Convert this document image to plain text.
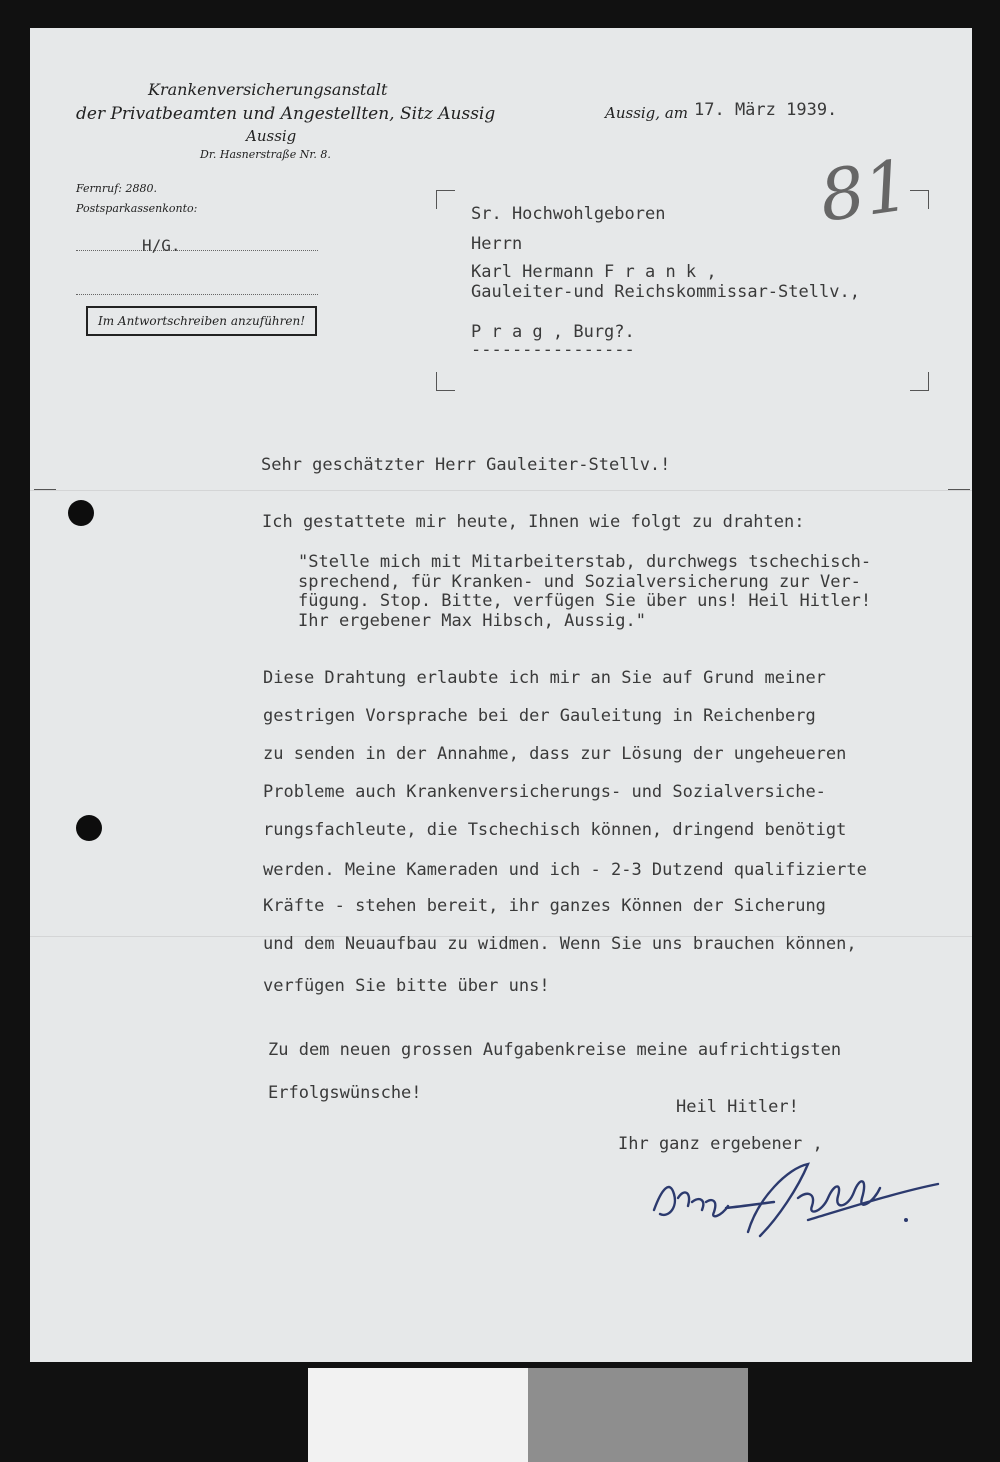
Krankenversicherungsanstalt
der Privatbeamten und Angestellten, Sitz Aussig
Aussig
Dr. Hasnerstraße Nr. 8.
Aussig, am 17. März 1939.
Fernruf: 2880.
Postsparkassenkonto:
H/G.
Im Antwortschreiben anzuführen!
81
Sr. Hochwohlgeboren
Herrn
Karl Hermann F r a n k ,
Gauleiter-und Reichskommissar-Stellv.,
P r a g , Burg?.
----------------
Sehr geschätzter Herr Gauleiter-Stellv.!
Ich gestattete mir heute, Ihnen wie folgt zu drahten:
"Stelle mich mit Mitarbeiterstab, durchwegs tschechisch-
sprechend, für Kranken- und Sozialversicherung zur Ver-
fügung. Stop. Bitte, verfügen Sie über uns! Heil Hitler!
Ihr ergebener Max Hibsch, Aussig."
Diese Drahtung erlaubte ich mir an Sie auf Grund meiner
gestrigen Vorsprache bei der Gauleitung in Reichenberg
zu senden in der Annahme, dass zur Lösung der ungeheueren
Probleme auch Krankenversicherungs- und Sozialversiche-
rungsfachleute, die Tschechisch können, dringend benötigt
werden. Meine Kameraden und ich - 2-3 Dutzend qualifizierte
Kräfte - stehen bereit, ihr ganzes Können der Sicherung
und dem Neuaufbau zu widmen. Wenn Sie uns brauchen können,
verfügen Sie bitte über uns!
Zu dem neuen grossen Aufgabenkreise meine aufrichtigsten
Erfolgswünsche!
Heil Hitler!
Ihr ganz ergebener ,
